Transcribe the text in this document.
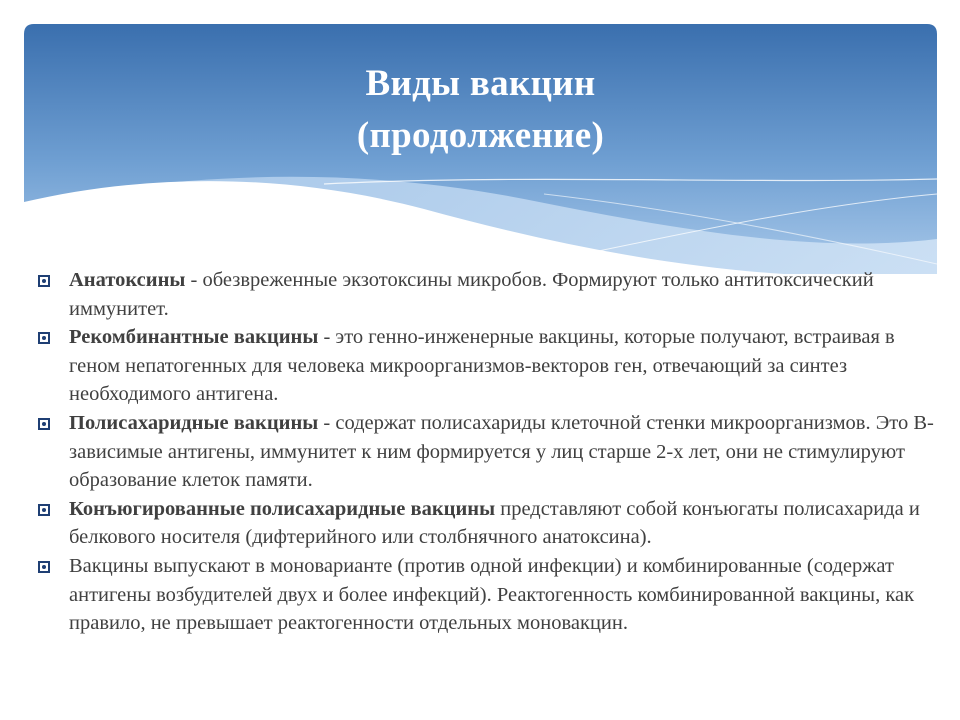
Виды вакцин
(продолжение)
Анатоксины - обезвреженные экзотоксины микробов. Формируют только антитоксический иммунитет.
Рекомбинантные вакцины - это генно-инженерные вакцины, которые получают, встраивая в геном непатогенных для человека микроорганизмов-векторов ген, отвечающий за синтез необходимого антигена.
Полисахаридные вакцины - содержат полисахариды клеточной стенки микроорганизмов. Это В-зависимые антигены, иммунитет к ним формируется у лиц старше 2-х лет, они не стимулируют образование клеток памяти.
Конъюгированные полисахаридные вакцины представляют собой конъюгаты полисахарида и белкового носителя (дифтерийного или столбнячного анатоксина).
Вакцины выпускают в моноварианте (против одной инфекции) и комбинированные (содержат антигены возбудителей двух и более инфекций). Реактогенность комбинированной вакцины, как правило, не превышает реактогенности отдельных моновакцин.
